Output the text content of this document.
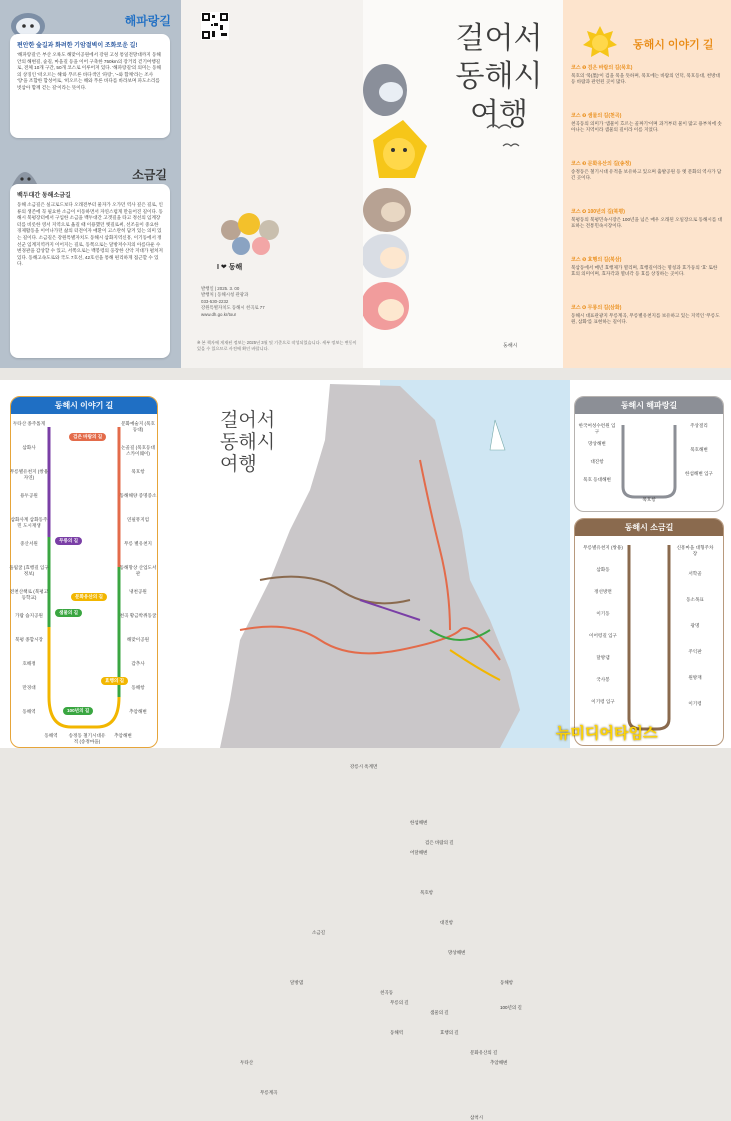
해파랑길
편안한 숲길과 화려한 기암절벽이 조화로운 길!

'해파랑길'은 부산 오륙도 해맞이공원에서 강원 고성 통일전망대까지 동해안의 해변길, 숲길, 마을길 등을 이어 구축한 750km의 장거리 걷기여행길로, 전체 10개 구간, 50개 코스로 이루어져 있다. '해파랑길'의 의미는 동해의 상징인 '떠오르는 해'와 푸르른 바다색인 '파랑', '~와 함께'라는 조사 '랑'을 조합한 합성어로, '떠오르는 해와 푸른 바다를 바라보며 파도소리를 벗삼아 함께 걷는 길'이라는 뜻이다.

소금길
백두대간 동해소금길

동해 소금길은 실크로드보다 오래전부터 물자가 오가던 역사 깊은 길로, 인류의 생존에 꼭 필요한 소금이 이동하면서 자연스럽게 만들어진 길이다. 동해시 북평장터에서 구입한 소금을 백두대간 고갯길을 타고 정선의 임계장터를 비롯한 영서 지역으로 옮길 때 이용했던 옛길로써, 선조들이 중요한 경제활동을 이어나가던 삶의 터전이자 애환이 고스란히 담겨 있는 의미 있는 길이다. 소금길은 강원특별자치도 동해시 삼화지역신흥, 이기동에서 정선군 임계지역까지 이어지는 길로, 동쪽으로는 달방저수지의 아름다운 수변경관을 감상할 수 있고, 서쪽으로는 백봉령의 웅장한 산악 지대가 펼쳐져 있다. 동해고속도로와 국도 7호선, 42호선을 통해 편리하게 접근할 수 있다.

I ❤ 동해
발행일 | 2025. 3. 00
발행처 | 동해시청 관광과
033-530-2232
강원특별자치도 동해시 천곡로 77
www.dh.go.kr/tour
※ 본 책자에 게재된 정보는 2025년 3월 및 기준으로 작성되었습니다. 세부 정보는 변동이 있을 수 있으므로 사전에 확인 바랍니다.
걸어서
동해시
여행
동해시
동해시 이야기 길
코스 ❶ 검은 바람의 길(묵호)
묵호의 '묵(墨)'이 검을 묵을 뜻하며, 묵호에는 바람의 언덕, 묵호등대, 천방대 등 바람과 관련된 곳이 많다.
코스 ❷ 샘물의 길(천곡)
천곡동의 의미가 '샘물이 흐르는 골짜기'이며 과거부터 물이 많고 용부처에 솟아나는 지역이라 샘물의 길이라 이름 지었다.
코스 ❸ 문화유산의 길(송정)
송정동은 철기시대 유적을 보유하고 있으며 출발공원 등 옛 문화의 역사가 담긴 곳이다.
코스 ❹ 100년의 길(북평)
북평동의 북평민속시장은 100년을 넘은 매우 오래된 오일장으로 동해시를 대표하는 전통민속시장이다.
코스 ❺ 효행의 길(북삼)
북삼동에서 매년 효행제가 열리며, 효행길이라는 명칭과 효가둥의 '효' 또한 효의 의미이며, 효자각과 열녀각 등 효를 상징하는 곳이다.
코스 ❻ 무릉의 길(삼화)
동해시 대표관광지 무릉계곡, 무릉별유천지를 보유하고 있는 지역인 '무릉도원, 삼화'를 표현하는 길이다.
동해시 이야기 길
두타산 종주톨게
삼화사
무릉별유천지 (쌍용자연)
용두공원
삼화사계 삼화동주민 도시재생
중산서원
돌립굴 (효행길 입구 정보)
전천산책로 (북평고등학교)
가람 습지공원
북평 종합시장
호해정
만경대
동해역
동해역	송정동 철기시대유적 (송정마을)
추암해변
문화예술지 (묵호등대)
논골길 (묵호등대 스카이웨이)
묵호항
동해해양 증명증소
연필뮤지엄
무릉 별유천지
동해망상 산업도서관
냉천공원
천곡 황금박쥐동굴
해맞이공원
감추사
동해항
추암해변
검은 바람의 길
무릉의 길
샘물의 길
효행의 길
문화유산의 길
100년의 길
걸어서
동해시
여행
한섬해변
어달해변
묵호항
대진항
망상해변
천곡동
동해역
추암해변
무릉계곡
두타산
달방댐
소금길
검은 바람의 길
샘물의 길
무릉의 길
효행의 길
100년의 길
문화유산의 길
동해항
강릉시 옥계면
삼척시
동해시 해파랑길
한국여성수련원 입구
망상해변
대진항
묵호 등대해변
주상절리
묵호해변
한섬해변 입구
묵호항
동해시 소금길
무릉별유천지 (쌍용)
삼화동
정선방면
이기동
이어령길 입구
달방댐
국사봉
이기령 입구
신흥마을 대형주차장
서학골
동소목표
광명
주익판
원방재
이기령
뉴미디어타임스
